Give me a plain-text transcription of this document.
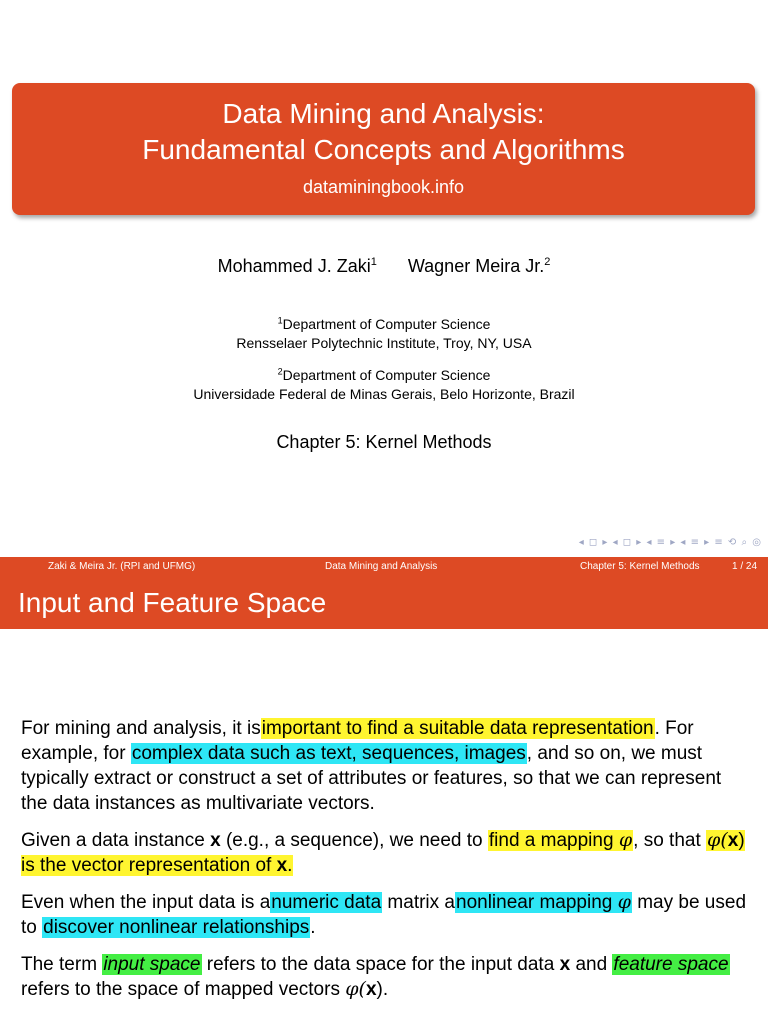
Data Mining and Analysis:
Fundamental Concepts and Algorithms
dataminingbook.info
Mohammed J. Zaki$^1$ Wagner Meira Jr.$^2$
$^1$Department of Computer Science
Rensselaer Polytechnic Institute, Troy, NY, USA
$^2$Department of Computer Science
Universidade Federal de Minas Gerais, Belo Horizonte, Brazil
Chapter 5: Kernel Methods
◂ ◻ ▸ ◂ ◻ ▸ ◂ ≡ ▸ ◂ ≡ ▸ ≡ ⟲ ⌕ ◎
Zaki & Meira Jr. (RPI and UFMG)	Data Mining and Analysis	Chapter 5: Kernel Methods	1 / 24
Input and Feature Space

For mining and analysis, it isimportant to find a suitable data representation. For example, for complex data such as text, sequences, images, and so on, we must typically extract or construct a set of attributes or features, so that we can represent the data instances as multivariate vectors.

Given a data instance x (e.g., a sequence), we need to find a mapping φ, so that φ(x) is the vector representation of x.

Even when the input data is anumeric data matrix anonlinear mapping φ may be used to discover nonlinear relationships.

The term input space refers to the data space for the input data x and feature space refers to the space of mapped vectors φ(x).
